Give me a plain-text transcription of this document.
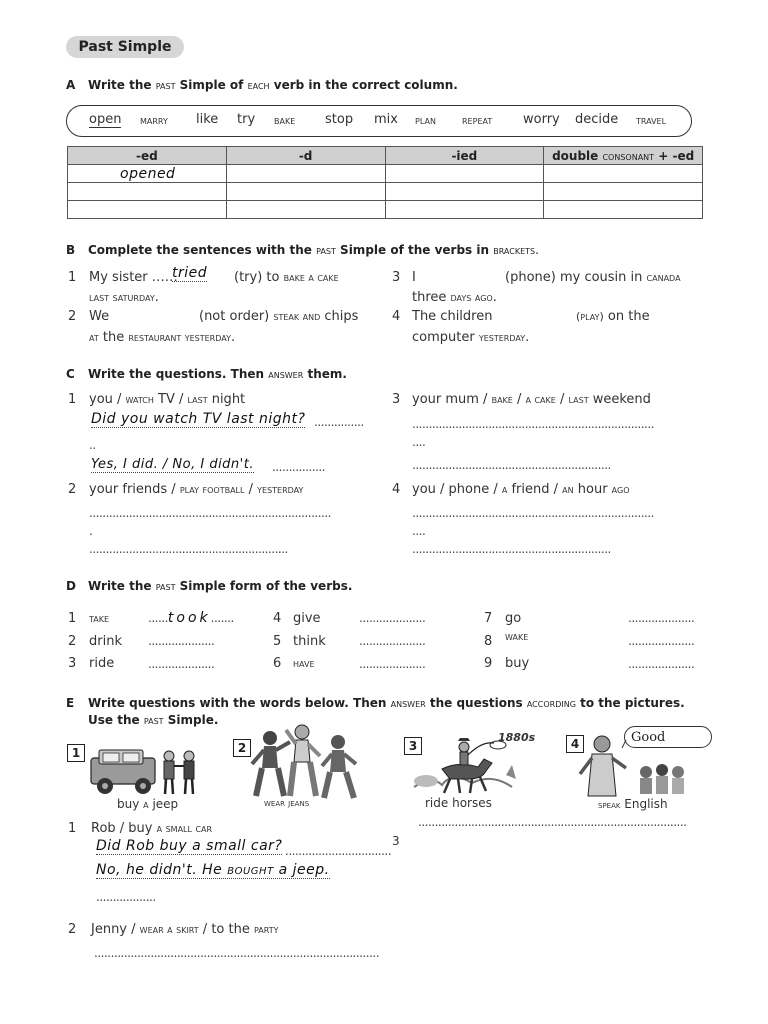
Past Simple
A Write the past Simple of each verb in the correct column.
open marry like try bake stop mix plan repeat worry decide travel
-ed	-d	-ied	double consonant + -ed
opened			

B Complete the sentences with the past Simple of the verbs in brackets.
1 My sister ……
tried (try) to bake a cake
last saturday.
2 We	(not order) steak and chips
at the restaurant yesterday.
3 I	(phone) my cousin in canada
three days ago.
4 The children	(play) on the
computer yesterday.
C Write the questions. Then answer them.
1 you / watch TV / last night
Did you watch TV last night? ...............
..
Yes, I did. / No, I didn't. ................
2 your friends / play football / yesterday
.........................................................................
.
............................................................
3 your mum / bake / a cake / last weekend
.........................................................................
....
............................................................
4 you / phone / a friend / an hour ago
.........................................................................
....
............................................................
D Write the past Simple form of the verbs.
1 take	......took.......
2 drink ....................
3 ride	....................
4 give	....................
5 think	....................
6 have	....................
7 go	....................
8 wake	....................
9 buy	....................
E Write questions with the words below. Then answer the questions according to the pictures.
Use the past Simple.
1
buy a jeep
2
wear jeans
3
1880s
ride horses
4	Good
speak English
1 Rob / buy a small car	.................................................................................
Did Rob buy a small car? ................................
3
No, he didn't. He bought a jeep.
..................
2 Jenny / wear a skirt / to the party
......................................................................................
